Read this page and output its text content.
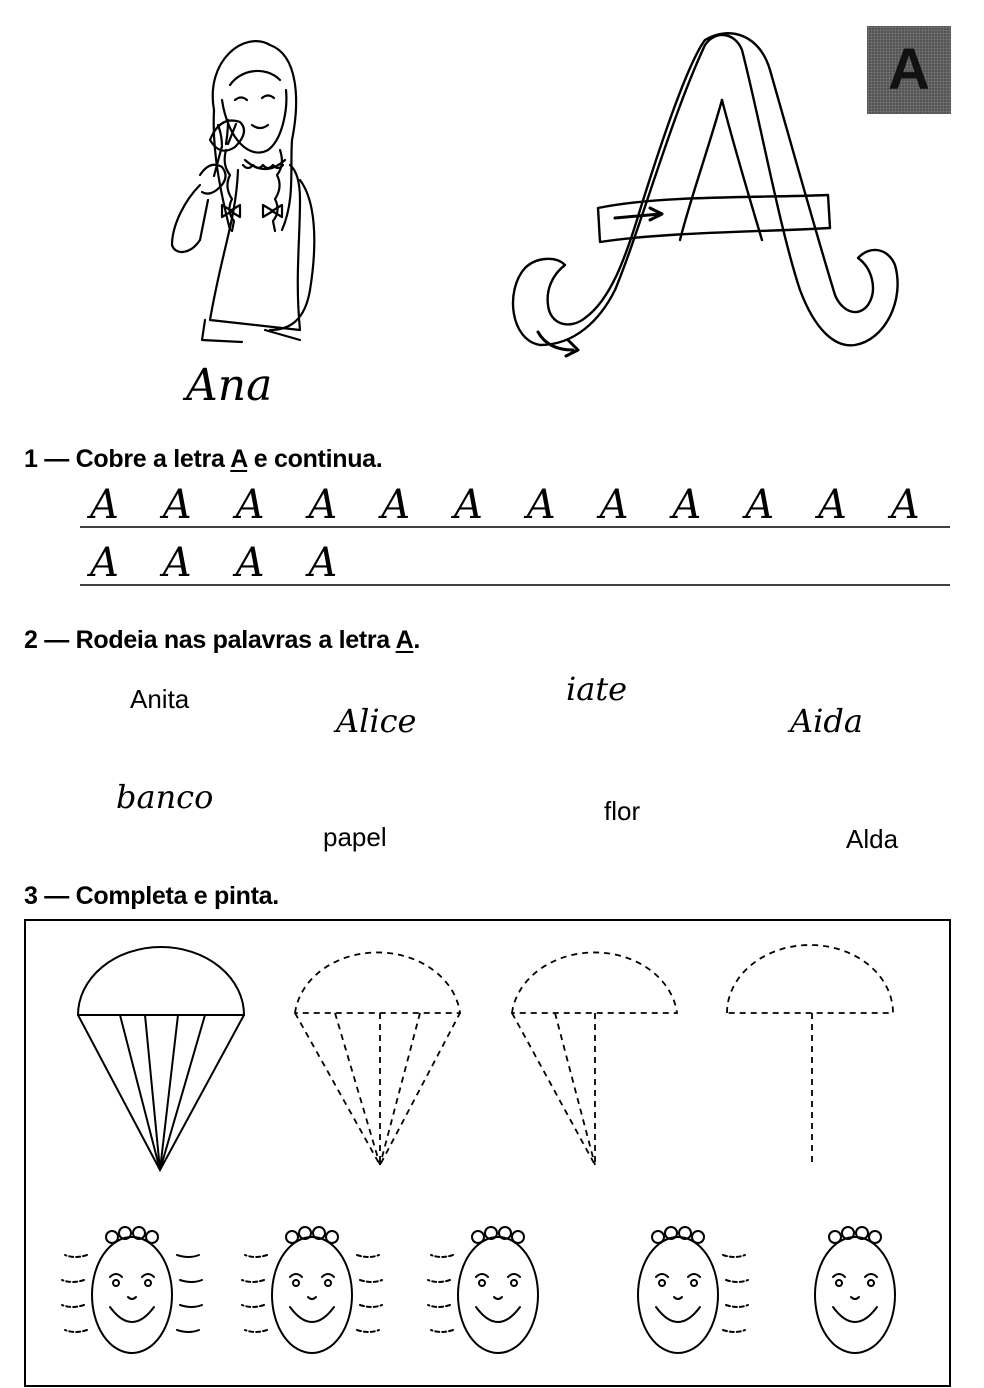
A
Ana
1 — Cobre a letra A e continua.
A A A A A A A A A A A A
A A A A
2 — Rodeia nas palavras a letra A.
Anita
Alice
iate
Aida
banco
papel
flor
Alda
3 — Completa e pinta.
